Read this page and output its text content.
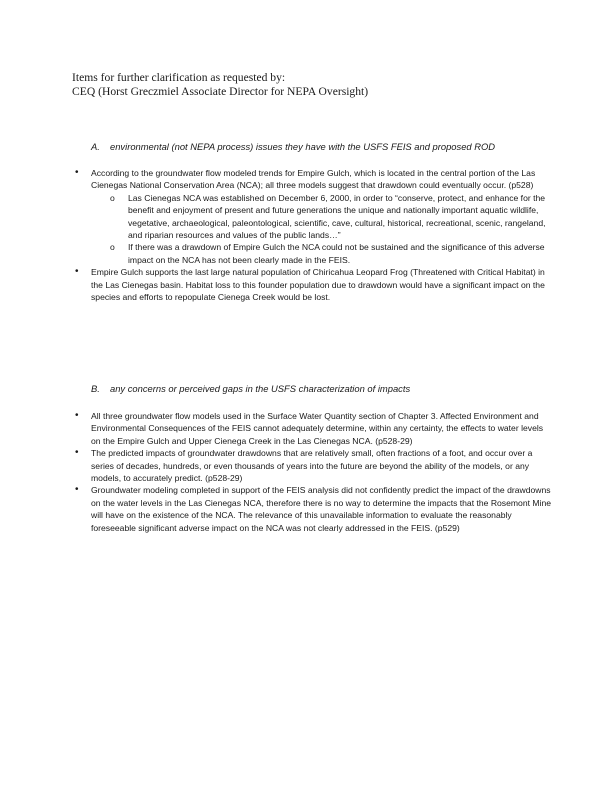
Items for further clarification as requested by:
CEQ (Horst Greczmiel Associate Director for NEPA Oversight)
A. environmental (not NEPA process) issues they have with the USFS FEIS and proposed ROD
•	According to the groundwater flow modeled trends for Empire Gulch, which is located in the central portion of the Las Cienegas National Conservation Area (NCA); all three models suggest that drawdown could eventually occur. (p528)
o Las Cienegas NCA was established on December 6, 2000, in order to “conserve, protect, and enhance for the benefit and enjoyment of present and future generations the unique and nationally important aquatic wildlife, vegetative, archaeological, paleontological, scientific, cave, cultural, historical, recreational, scenic, rangeland, and riparian resources and values of the public lands…”
o If there was a drawdown of Empire Gulch the NCA could not be sustained and the significance of this adverse impact on the NCA has not been clearly made in the FEIS.
•	Empire Gulch supports the last large natural population of Chiricahua Leopard Frog (Threatened with Critical Habitat) in the Las Cienegas basin. Habitat loss to this founder population due to drawdown would have a significant impact on the species and efforts to repopulate Cienega Creek would be lost.
B. any concerns or perceived gaps in the USFS characterization of impacts
•	All three groundwater flow models used in the Surface Water Quantity section of Chapter 3. Affected Environment and Environmental Consequences of the FEIS cannot adequately determine, within any certainty, the effects to water levels on the Empire Gulch and Upper Cienega Creek in the Las Cienegas NCA. (p528-29)
•	The predicted impacts of groundwater drawdowns that are relatively small, often fractions of a foot, and occur over a series of decades, hundreds, or even thousands of years into the future are beyond the ability of the models, or any models, to accurately predict. (p528-29)
•	Groundwater modeling completed in support of the FEIS analysis did not confidently predict the impact of the drawdowns on the water levels in the Las Cienegas NCA, therefore there is no way to determine the impacts that the Rosemont Mine will have on the existence of the NCA. The relevance of this unavailable information to evaluate the reasonably foreseeable significant adverse impact on the NCA was not clearly addressed in the FEIS. (p529)
